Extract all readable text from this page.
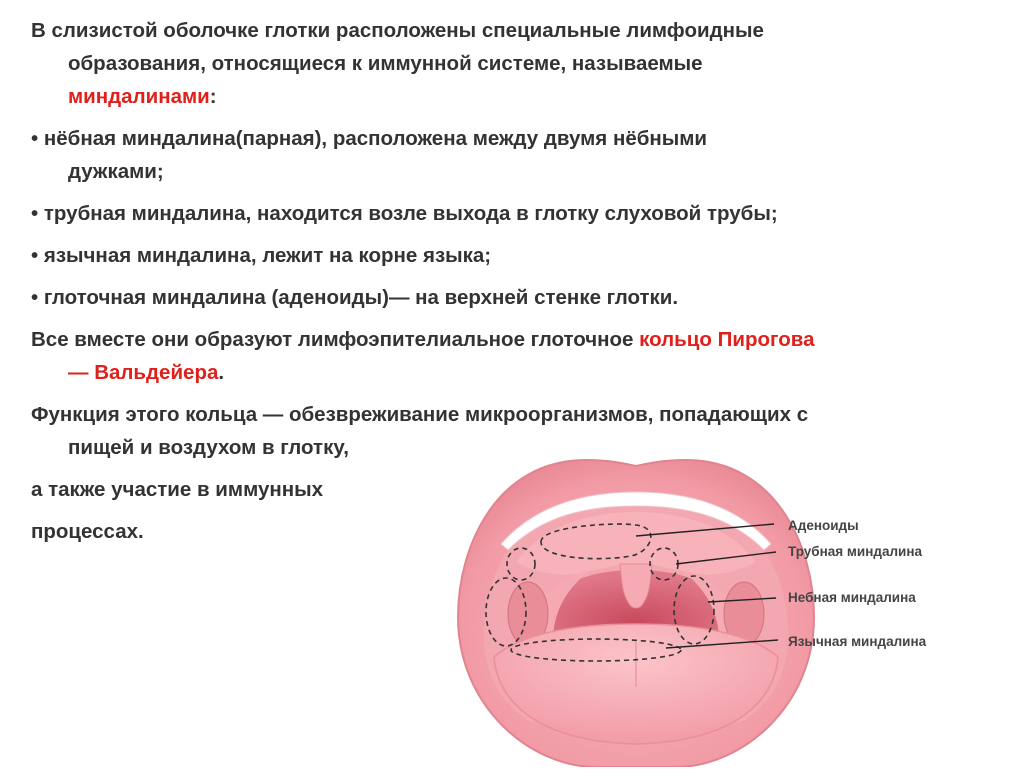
В слизистой оболочке глотки расположены специальные лимфоидные
образования, относящиеся к иммунной системе, называемые
миндалинами:
• нёбная миндалина(парная), расположена между двумя нёбными
дужками;
• трубная миндалина, находится возле выхода в глотку слуховой трубы;
• язычная миндалина, лежит на корне языка;
• глоточная миндалина (аденоиды)— на верхней стенке глотки.
Все вместе они образуют лимфоэпителиальное глоточное кольцо Пирогова
— Вальдейера.
Функция этого кольца — обезвреживание микроорганизмов, попадающих с
пищей и воздухом в глотку,
а также участие в иммунных
процессах.	Аденоиды
Трубная миндалина
Небная миндалина
Язычная миндалина
